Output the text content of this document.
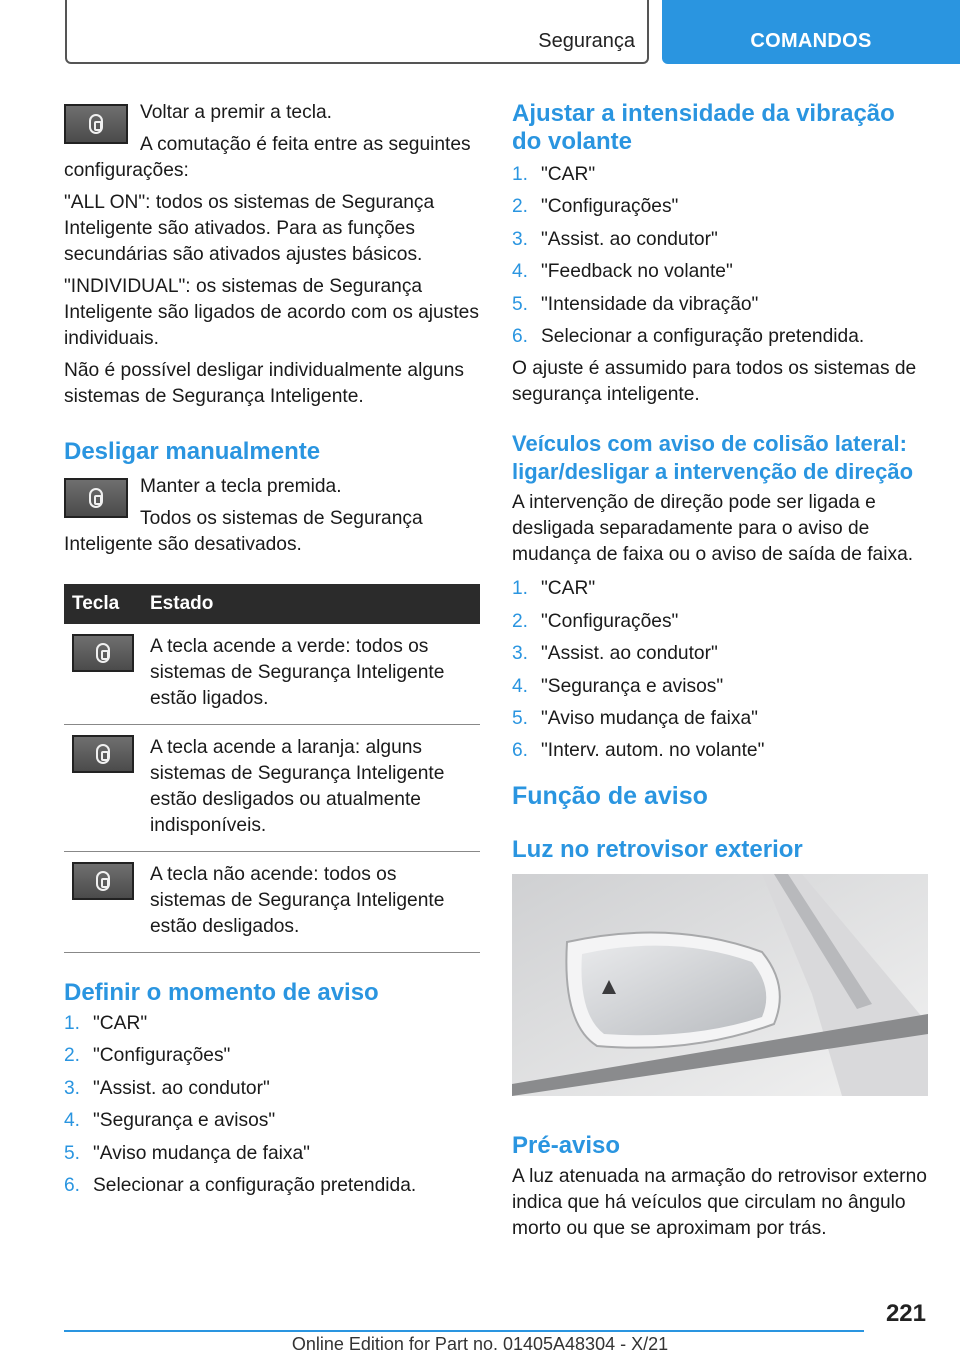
Segurança	COMANDOS

Voltar a premir a tecla.

A comutação é feita entre as seguintes configurações:

"ALL ON": todos os sistemas de Segurança Inteligente são ativados. Para as funções secundárias são ativados ajustes básicos.

"INDIVIDUAL": os sistemas de Segurança Inteligente são ligados de acordo com os ajustes individuais.

Não é possível desligar individualmente alguns sistemas de Segurança Inteligente.

Desligar manualmente

Manter a tecla premida.

Todos os sistemas de Segurança Inteligente são desativados.

Tecla	Estado

	A tecla acende a verde: todos os sistemas de Segurança Inteligente estão ligados.

	A tecla acende a laranja: alguns sistemas de Segurança Inteligente estão desligados ou atualmente indisponíveis.

	A tecla não acende: todos os sistemas de Segurança Inteligente estão desligados.
Definir o momento de aviso
1. "CAR"
2. "Configurações"
3. "Assist. ao condutor"
4. "Segurança e avisos"
5. "Aviso mudança de faixa"
6. Selecionar a configuração pretendida.
Ajustar a intensidade da vibração do volante
1. "CAR"
2. "Configurações"
3. "Assist. ao condutor"
4. "Feedback no volante"
5. "Intensidade da vibração"
6. Selecionar a configuração pretendida.

O ajuste é assumido para todos os sistemas de segurança inteligente.

Veículos com aviso de colisão lateral: ligar/desligar a intervenção de direção

A intervenção de direção pode ser ligada e desligada separadamente para o aviso de mudança de faixa ou o aviso de saída de faixa.

1. "CAR"
2. "Configurações"
3. "Assist. ao condutor"
4. "Segurança e avisos"
5. "Aviso mudança de faixa"
6. "Interv. autom. no volante"
Função de aviso
Luz no retrovisor exterior
Pré-aviso

A luz atenuada na armação do retrovisor externo indica que há veículos que circulam no ângulo morto ou que se aproximam por trás.

221
Online Edition for Part no. 01405A48304 - X/21
